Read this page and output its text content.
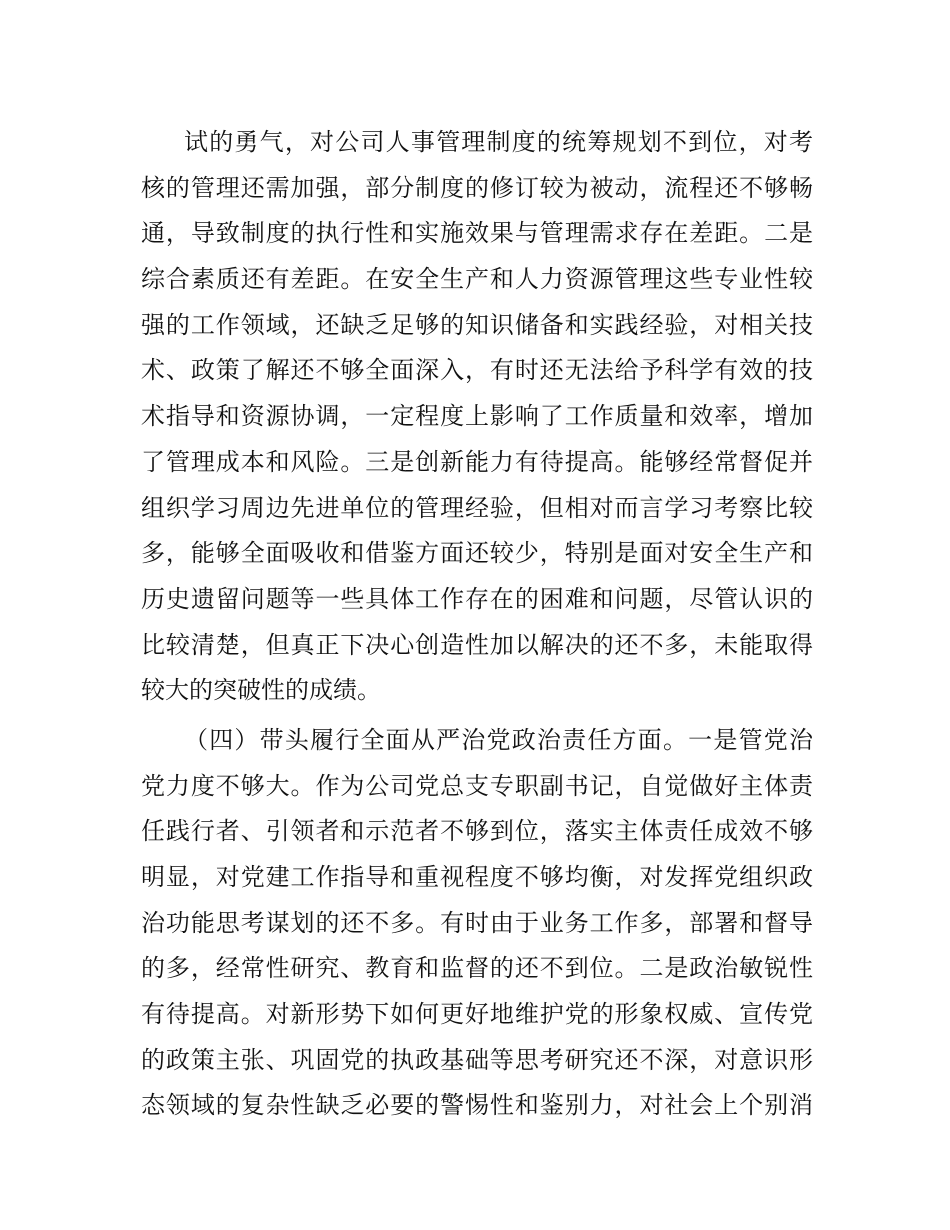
试的勇气，对公司人事管理制度的统筹规划不到位，对考
核的管理还需加强，部分制度的修订较为被动，流程还不够畅
通，导致制度的执行性和实施效果与管理需求存在差距。二是
综合素质还有差距。在安全生产和人力资源管理这些专业性较
强的工作领域，还缺乏足够的知识储备和实践经验，对相关技
术、政策了解还不够全面深入，有时还无法给予科学有效的技
术指导和资源协调，一定程度上影响了工作质量和效率，增加
了管理成本和风险。三是创新能力有待提高。能够经常督促并
组织学习周边先进单位的管理经验，但相对而言学习考察比较
多，能够全面吸收和借鉴方面还较少，特别是面对安全生产和
历史遗留问题等一些具体工作存在的困难和问题，尽管认识的
比较清楚，但真正下决心创造性加以解决的还不多，未能取得
较大的突破性的成绩。
（四）带头履行全面从严治党政治责任方面。一是管党治
党力度不够大。作为公司党总支专职副书记，自觉做好主体责
任践行者、引领者和示范者不够到位，落实主体责任成效不够
明显，对党建工作指导和重视程度不够均衡，对发挥党组织政
治功能思考谋划的还不多。有时由于业务工作多，部署和督导
的多，经常性研究、教育和监督的还不到位。二是政治敏锐性
有待提高。对新形势下如何更好地维护党的形象权威、宣传党
的政策主张、巩固党的执政基础等思考研究还不深，对意识形
态领域的复杂性缺乏必要的警惕性和鉴别力，对社会上个别消
